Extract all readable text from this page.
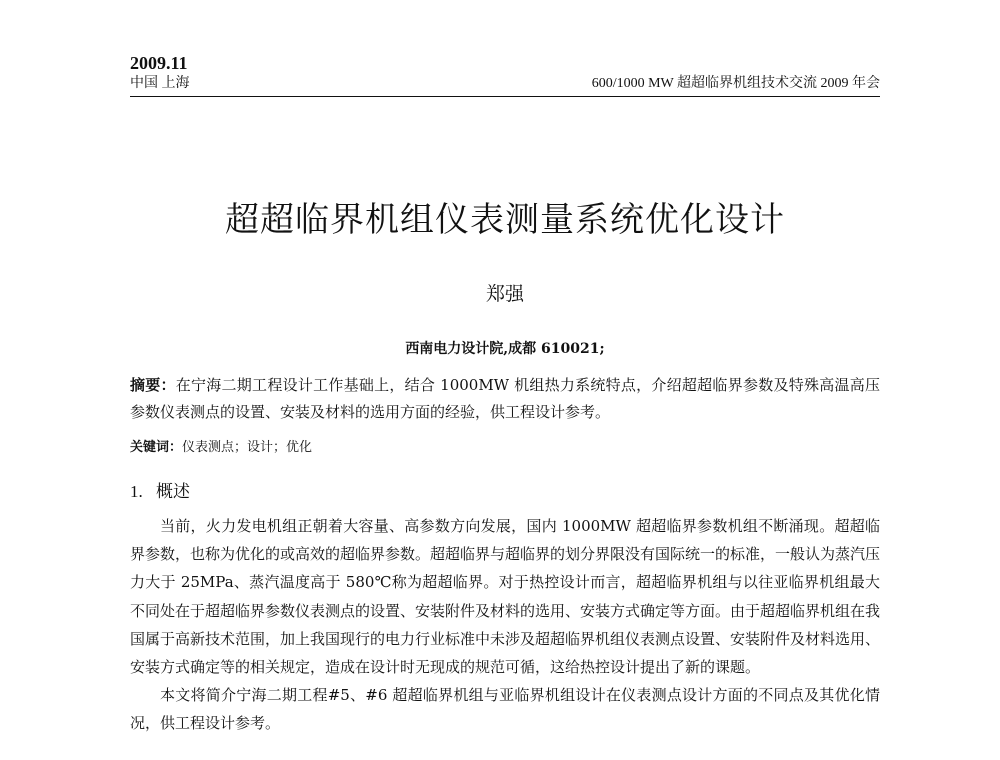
2009.11
中国 上海	600/1000 MW 超超临界机组技术交流 2009 年会
超超临界机组仪表测量系统优化设计
郑强
西南电力设计院,成都 610021;
摘要：在宁海二期工程设计工作基础上，结合 1000MW 机组热力系统特点，介绍超超临界参数及特殊高温高压参数仪表测点的设置、安装及材料的选用方面的经验，供工程设计参考。
关键词：仪表测点；设计；优化
1. 概述

当前，火力发电机组正朝着大容量、高参数方向发展，国内 1000MW 超超临界参数机组不断涌现。超超临界参数，也称为优化的或高效的超临界参数。超超临界与超临界的划分界限没有国际统一的标准，一般认为蒸汽压力大于 25MPa、蒸汽温度高于 580℃称为超超临界。对于热控设计而言，超超临界机组与以往亚临界机组最大不同处在于超超临界参数仪表测点的设置、安装附件及材料的选用、安装方式确定等方面。由于超超临界机组在我国属于高新技术范围，加上我国现行的电力行业标准中未涉及超超临界机组仪表测点设置、安装附件及材料选用、安装方式确定等的相关规定，造成在设计时无现成的规范可循，这给热控设计提出了新的课题。

本文将简介宁海二期工程#5、#6 超超临界机组与亚临界机组设计在仪表测点设计方面的不同点及其优化情况，供工程设计参考。
